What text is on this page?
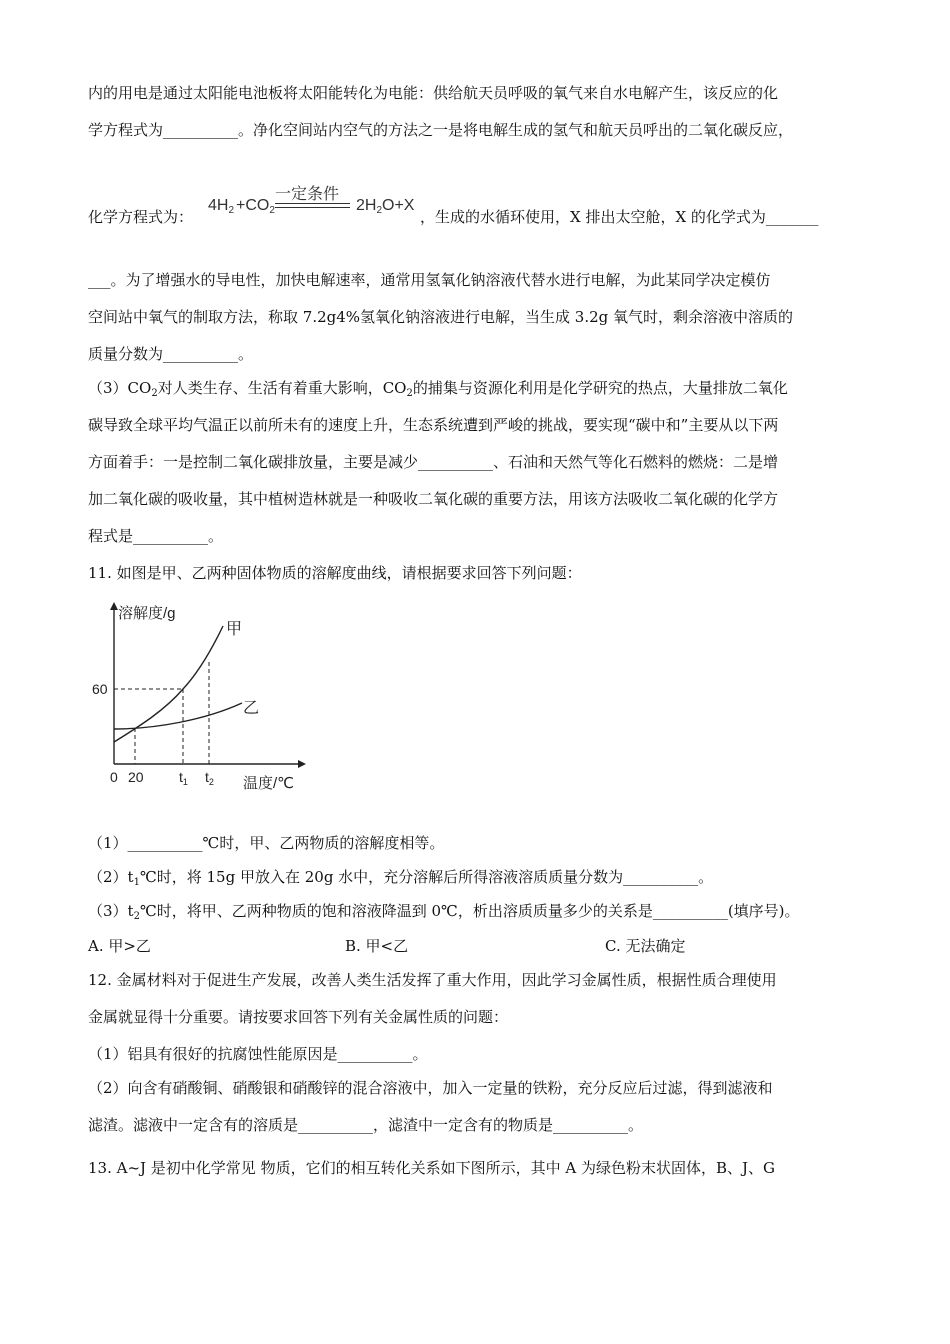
内的用电是通过太阳能电池板将太阳能转化为电能：供给航天员呼吸的氧气来自水电解产生，该反应的化
学方程式为__________。净化空间站内空气的方法之一是将电解生成的氢气和航天员呼出的二氧化碳反应，
化学方程式为：
$4H_2 +CO_2$
一定条件
$2H_2O+X$
，生成的水循环使用，X 排出太空舱，X 的化学式为_______
___。为了增强水的导电性，加快电解速率，通常用氢氧化钠溶液代替水进行电解，为此某同学决定模仿
空间站中氧气的制取方法，称取 7.2g4%氢氧化钠溶液进行电解，当生成 3.2g 氧气时，剩余溶液中溶质的
质量分数为__________。
$(3)CO_2$对人类生存、生活有着重大影响，$CO_2$的捕集与资源化利用是化学研究的热点，大量排放二氧化
碳导致全球平均气温正以前所未有的速度上升，生态系统遭到严峻的挑战，要实现“碳中和”主要从以下两
方面着手：一是控制二氧化碳排放量，主要是减少__________、石油和天然气等化石燃料的燃烧：二是增
加二氧化碳的吸收量，其中植树造林就是一种吸收二氧化碳的重要方法，用该方法吸收二氧化碳的化学方
程式是__________。
11. 如图是甲、乙两种固体物质的溶解度曲线，请根据要求回答下列问题：
溶解度/g
甲
乙
60
0 20	$t_1$ $t_2$ 温度/℃
（1）__________℃时，甲、乙两物质的溶解度相等。
$(2)t_1℃$时，将 15g 甲放入在 20g 水中，充分溶解后所得溶液溶质质量分数为__________。
$(3)t_2℃$时，将甲、乙两种物质的饱和溶液降温到 0℃，析出溶质质量多少的关系是__________(填序号)。
A. 甲>乙	B. 甲<乙	C. 无法确定
12. 金属材料对于促进生产发展，改善人类生活发挥了重大作用，因此学习金属性质，根据性质合理使用
金属就显得十分重要。请按要求回答下列有关金属性质的问题：
（1）铝具有很好的抗腐蚀性能原因是__________。
（2）向含有硝酸铜、硝酸银和硝酸锌的混合溶液中，加入一定量的铁粉，充分反应后过滤，得到滤液和
滤渣。滤液中一定含有的溶质是__________，滤渣中一定含有的物质是__________。
13. A~J 是初中化学常见 物质，它们的相互转化关系如下图所示，其中 A 为绿色粉末状固体，B、J、G
